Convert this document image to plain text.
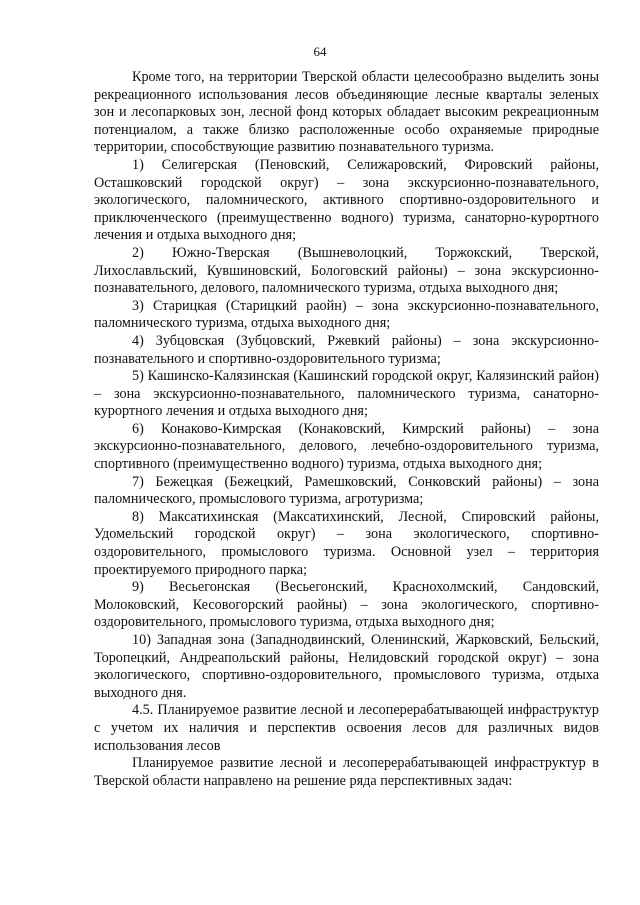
64

Кроме того, на территории Тверской области целесообразно выделить зоны рекреационного использования лесов объединяющие лесные кварталы зеленых зон и лесопарковых зон, лесной фонд которых обладает высоким рекреационным потенциалом, а также близко расположенные особо охраняемые природные территории, способствующие развитию познавательного туризма.

1) Селигерская (Пеновский, Селижаровский, Фировский районы, Осташковский городской округ) – зона экскурсионно-познавательного, экологического, паломнического, активного спортивно-оздоровительного и приключенческого (преимущественно водного) туризма, санаторно-курортного лечения и отдыха выходного дня;

2) Южно-Тверская (Вышневолоцкий, Торжокский, Тверской, Лихославльский, Кувшиновский, Бологовский районы) – зона экскурсионно-познавательного, делового, паломнического туризма, отдыха выходного дня;

3) Старицкая (Старицкий раойн) – зона экскурсионно-познавательного, паломнического туризма, отдыха выходного дня;

4) Зубцовская (Зубцовский, Ржевкий районы) – зона экскурсионно-познавательного и спортивно-оздоровительного туризма;

5) Кашинско-Калязинская (Кашинский городской округ, Калязинский район) – зона экскурсионно-познавательного, паломнического туризма, санаторно-курортного лечения и отдыха выходного дня;

6) Конаково-Кимрская (Конаковский, Кимрский районы) – зона экскурсионно-познавательного, делового, лечебно-оздоровительного туризма, спортивного (преимущественно водного) туризма, отдыха выходного дня;

7) Бежецкая (Бежецкий, Рамешковский, Сонковский районы) – зона паломнического, промыслового туризма, агротуризма;

8) Максатихинская (Максатихинский, Лесной, Спировский районы, Удомельский городской округ) – зона экологического, спортивно-оздоровительного, промыслового туризма. Основной узел – территория проектируемого природного парка;

9) Весьегонская (Весьегонский, Краснохолмский, Сандовский, Молоковский, Кесовогорский раойны) – зона экологического, спортивно-оздоровительного, промыслового туризма, отдыха выходного дня;

10) Западная зона (Западнодвинский, Оленинский, Жарковский, Бельский, Торопецкий, Андреапольский районы, Нелидовский городской округ) – зона экологического, спортивно-оздоровительного, промыслового туризма, отдыха выходного дня.

4.5. Планируемое развитие лесной и лесоперерабатывающей инфраструктур с учетом их наличия и перспектив освоения лесов для различных видов использования лесов

Планируемое развитие лесной и лесоперерабатывающей инфраструктур в Тверской области направлено на решение ряда перспективных задач:
